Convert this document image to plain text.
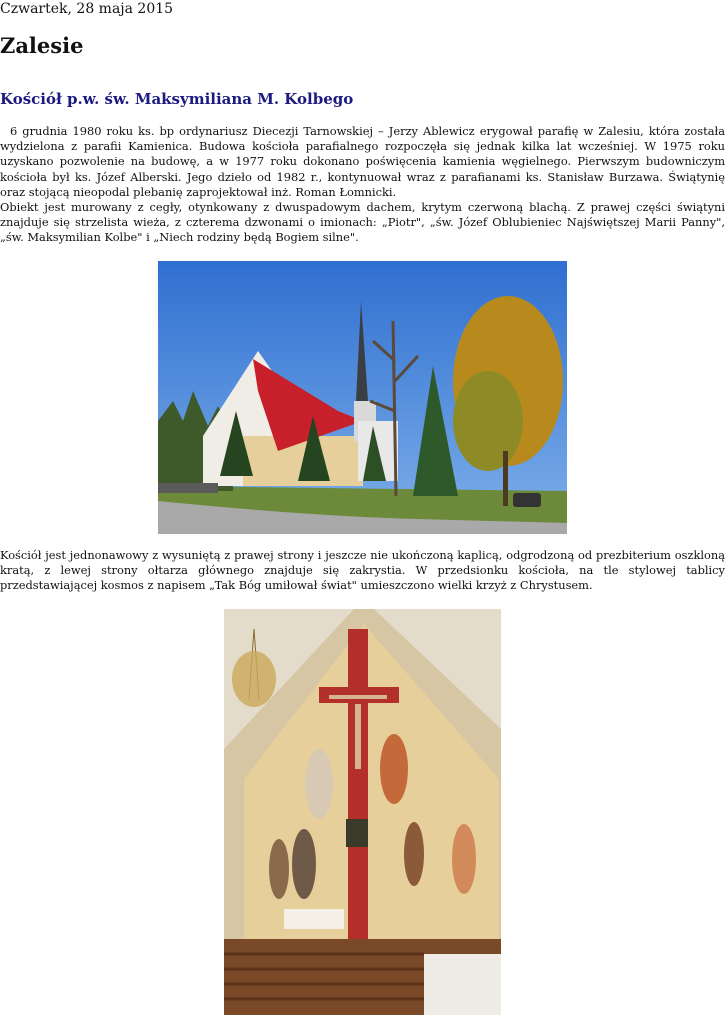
Czwartek, 28 maja 2015
Zalesie
Kościół p.w. św. Maksymiliana M. Kolbego

6 grudnia 1980 roku ks. bp ordynariusz Diecezji Tarnowskiej – Jerzy Ablewicz erygował parafię w Zalesiu, która została wydzielona z parafii Kamienica. Budowa kościoła parafialnego rozpoczęła się jednak kilka lat wcześniej. W 1975 roku uzyskano pozwolenie na budowę, a w 1977 roku dokonano poświęcenia kamienia węgielnego. Pierwszym budowniczym kościoła był ks. Józef Alberski. Jego dzieło od 1982 r., kontynuował wraz z parafianami ks. Stanisław Burzawa. Świątynię oraz stojącą nieopodal plebanię zaprojektował inż. Roman Łomnicki.

Obiekt jest murowany z cegły, otynkowany z dwuspadowym dachem, krytym czerwoną blachą. Z prawej części świątyni znajduje się strzelista wieża, z czterema dzwonami o imionach: „Piotr", „św. Józef Oblubieniec Najświętszej Marii Panny", „św. Maksymilian Kolbe" i „Niech rodziny będą Bogiem silne".

Kościół jest jednonawowy z wysuniętą z prawej strony i jeszcze nie ukończoną kaplicą, odgrodzoną od prezbiterium oszkloną kratą, z lewej strony ołtarza głównego znajduje się zakrystia. W przedsionku kościoła, na tle stylowej tablicy przedstawiającej kosmos z napisem „Tak Bóg umiłował świat" umieszczono wielki krzyż z Chrystusem.
